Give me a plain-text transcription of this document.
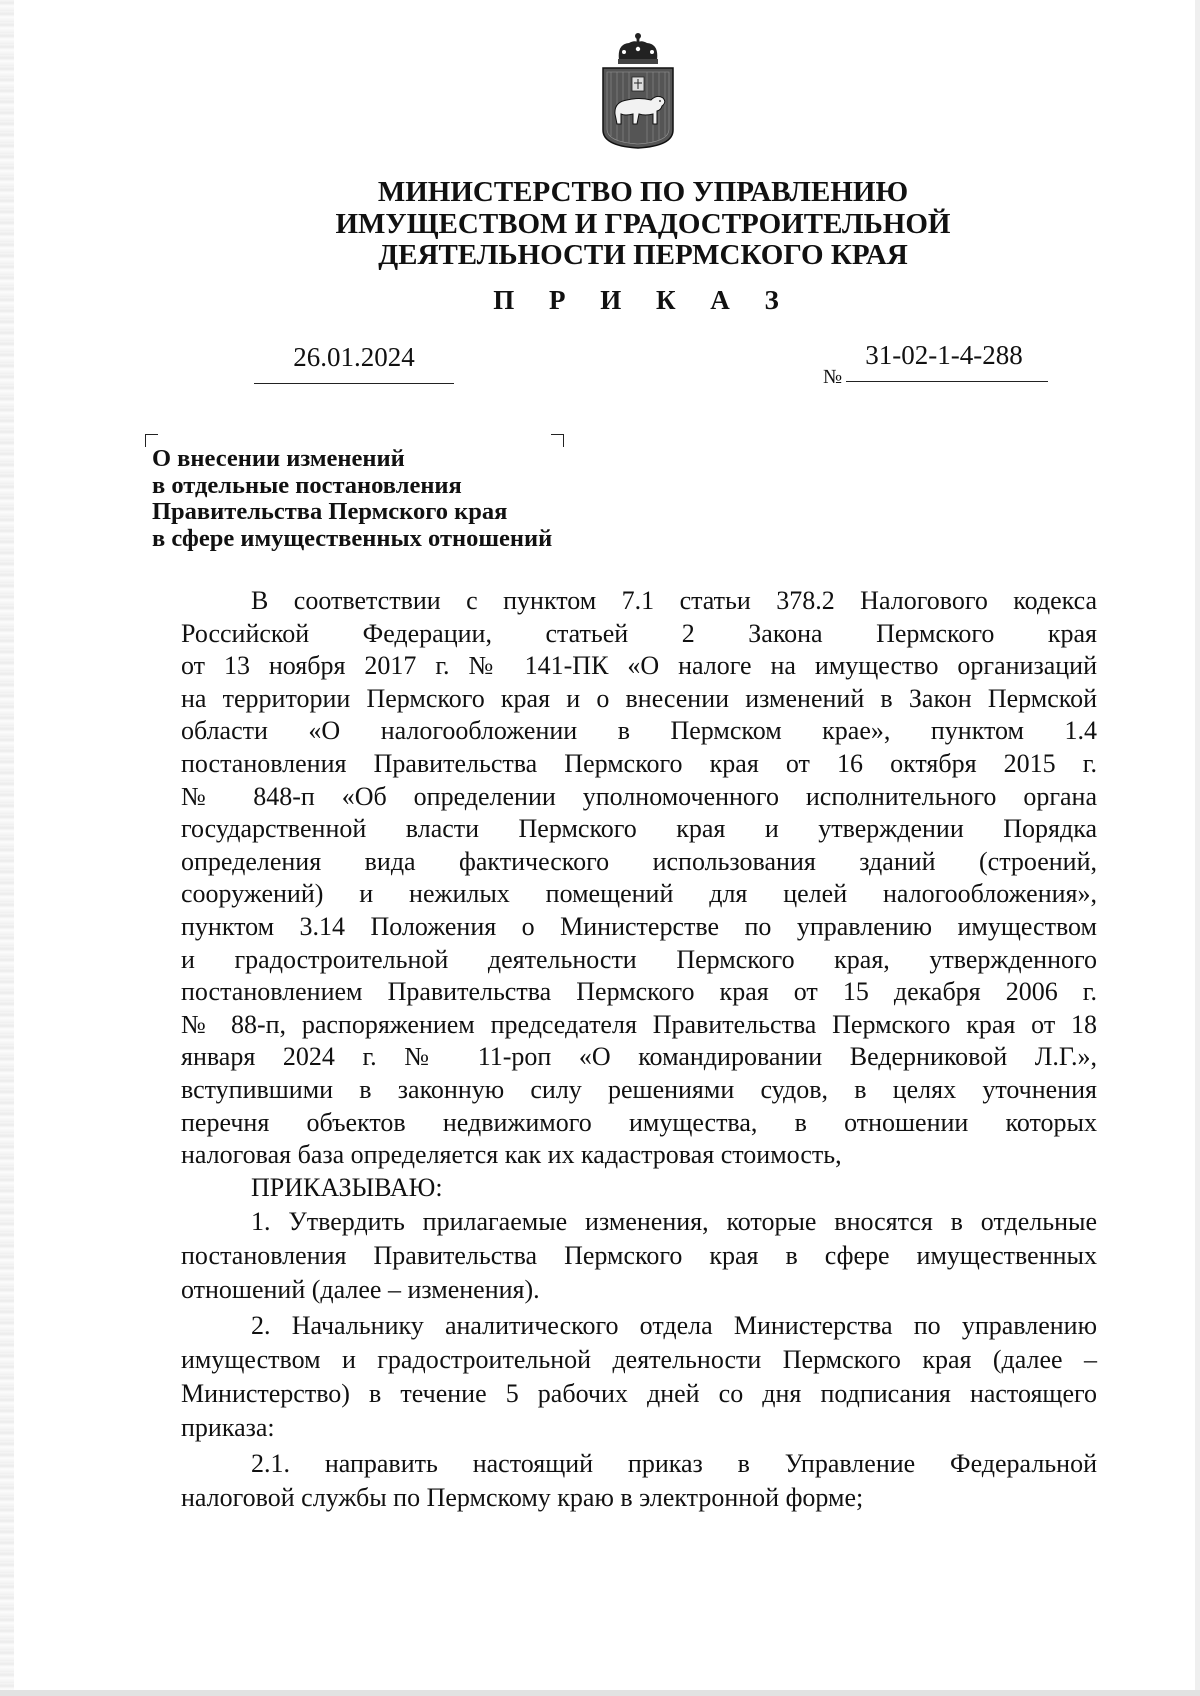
МИНИСТЕРСТВО ПО УПРАВЛЕНИЮ
ИМУЩЕСТВОМ И ГРАДОСТРОИТЕЛЬНОЙ
ДЕЯТЕЛЬНОСТИ ПЕРМСКОГО КРАЯ
П Р И К А З
26.01.2024
№
31-02-1-4-288
О внесении изменений
в отдельные постановления
Правительства Пермского края
в сфере имущественных отношений
В соответствии с пунктом 7.1 статьи 378.2 Налогового кодекса
Российской Федерации, статьей 2 Закона Пермского края
от 13 ноября 2017 г. № 141-ПК «О налоге на имущество организаций
на территории Пермского края и о внесении изменений в Закон Пермской
области «О налогообложении в Пермском крае», пунктом 1.4
постановления Правительства Пермского края от 16 октября 2015 г.
№ 848-п «Об определении уполномоченного исполнительного органа
государственной власти Пермского края и утверждении Порядка
определения вида фактического использования зданий (строений,
сооружений) и нежилых помещений для целей налогообложения»,
пунктом 3.14 Положения о Министерстве по управлению имуществом
и градостроительной деятельности Пермского края, утвержденного
постановлением Правительства Пермского края от 15 декабря 2006 г.
№ 88-п, распоряжением председателя Правительства Пермского края от 18
января 2024 г. № 11-роп «О командировании Ведерниковой Л.Г.»,
вступившими в законную силу решениями судов, в целях уточнения
перечня объектов недвижимого имущества, в отношении которых
налоговая база определяется как их кадастровая стоимость,
ПРИКАЗЫВАЮ:
1. Утвердить прилагаемые изменения, которые вносятся в отдельные
постановления Правительства Пермского края в сфере имущественных
отношений (далее – изменения).
2. Начальнику аналитического отдела Министерства по управлению
имуществом и градостроительной деятельности Пермского края (далее –
Министерство) в течение 5 рабочих дней со дня подписания настоящего
приказа:
2.1. направить настоящий приказ в Управление Федеральной
налоговой службы по Пермскому краю в электронной форме;
